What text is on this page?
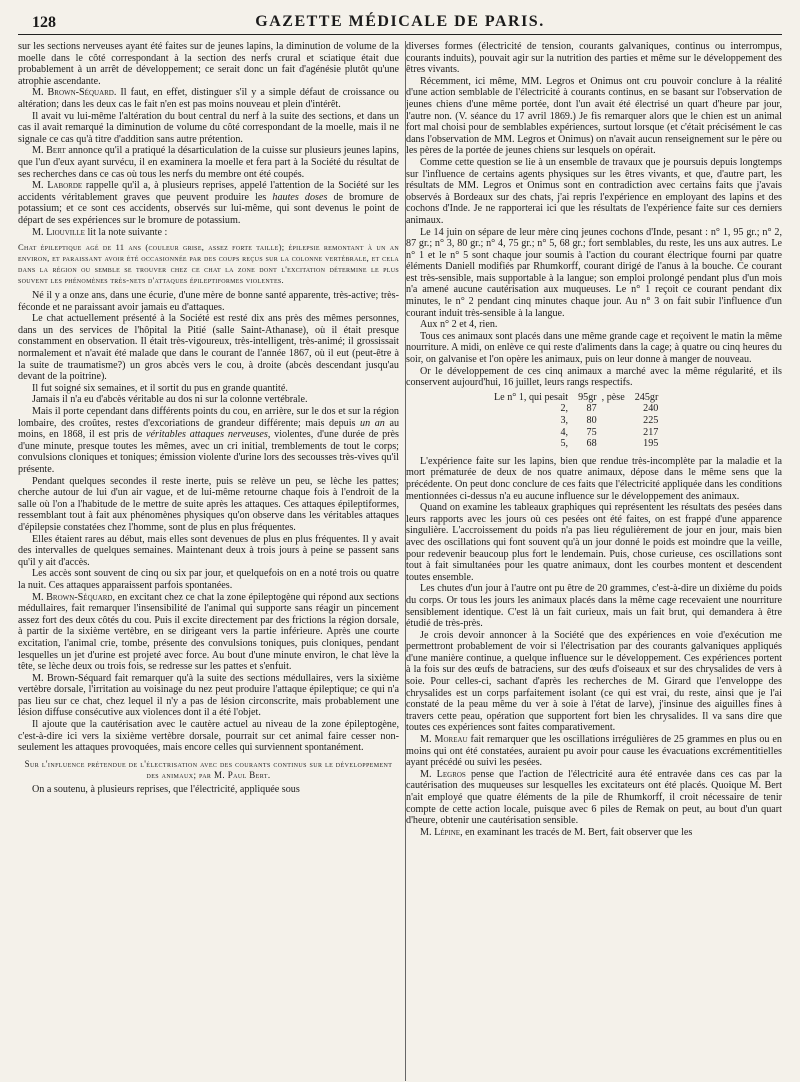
128	GAZETTE MÉDICALE DE PARIS.

sur les sections nerveuses ayant été faites sur de jeunes lapins, la diminution de volume de la moelle dans le côté correspondant à la section des nerfs crural et sciatique était due probablement à un arrêt de développement; ce serait donc un fait d'agénésie plutôt qu'une atrophie ascendante.

M. Brown-Séquard. Il faut, en effet, distinguer s'il y a simple défaut de croissance ou altération; dans les deux cas le fait n'en est pas moins nouveau et plein d'intérêt.

Il avait vu lui-même l'altération du bout central du nerf à la suite des sections, et dans un cas il avait remarqué la diminution de volume du côté correspondant de la moelle, mais il ne signale ce cas qu'à titre d'addition sans autre prétention.

M. Bert annonce qu'il a pratiqué la désarticulation de la cuisse sur plusieurs jeunes lapins, que l'un d'eux ayant survécu, il en examinera la moelle et fera part à la Société du résultat de ses recherches dans ce cas où tous les nerfs du membre ont été coupés.

M. Laborde rappelle qu'il a, à plusieurs reprises, appelé l'attention de la Société sur les accidents véritablement graves que peuvent produire les hautes doses de bromure de potassium; et ce sont ces accidents, observés sur lui-même, qui sont devenus le point de départ de ses expériences sur le bromure de potassium.

M. Liouville lit la note suivante :

Chat épileptique agé de 11 ans (couleur grise, assez forte taille); épilepsie remontant à un an environ, et paraissant avoir été occasionnée par des coups reçus sur la colonne vertébrale, et cela dans la région ou semble se trouver chez ce chat la zone dont l'excitation détermine le plus souvent les phénomènes très-nets d'attaques épileptiformes violentes.

Né il y a onze ans, dans une écurie, d'une mère de bonne santé apparente, très-active; très-féconde et ne paraissant avoir jamais eu d'attaques.

Le chat actuellement présenté à la Société est resté dix ans près des mêmes personnes, dans un des services de l'hôpital la Pitié (salle Saint-Athanase), où il était presque constamment en observation. Il était très-vigoureux, très-intelligent, très-animé; il grossissait normalement et n'avait été malade que dans le courant de l'année 1867, où il eut (peut-être à la suite de traumatisme?) un gros abcès vers le cou, à droite (abcès descendant jusqu'au devant de la poitrine).

Il fut soigné six semaines, et il sortit du pus en grande quantité.

Jamais il n'a eu d'abcès véritable au dos ni sur la colonne vertébrale.

Mais il porte cependant dans différents points du cou, en arrière, sur le dos et sur la région lombaire, des croûtes, restes d'excoriations de grandeur différente; mais depuis un an au moins, en 1868, il est pris de véritables attaques nerveuses, violentes, d'une durée de près d'une minute, presque toutes les mêmes, avec un cri initial, tremblements de tout le corps; convulsions cloniques et toniques; émission violente d'urine lors des secousses très-vives qu'il présente.

Pendant quelques secondes il reste inerte, puis se relève un peu, se lèche les pattes; cherche autour de lui d'un air vague, et de lui-même retourne chaque fois à l'endroit de la salle où l'on a l'habitude de le mettre de suite après les attaques. Ces attaques épileptiformes, ressemblant tout à fait aux phénomènes physiques qu'on observe dans les véritables attaques d'épilepsie constatées chez l'homme, sont de plus en plus fréquentes.

Elles étaient rares au début, mais elles sont devenues de plus en plus fréquentes. Il y avait des intervalles de quelques semaines. Maintenant deux à trois jours à peine se passent sans qu'il y ait d'accès.

Les accès sont souvent de cinq ou six par jour, et quelquefois on en a noté trois ou quatre la nuit. Ces attaques apparaissent parfois spontanées.

M. Brown-Séquard, en excitant chez ce chat la zone épileptogène qui répond aux sections médullaires, fait remarquer l'insensibilité de l'animal qui supporte sans réagir un pincement assez fort des deux côtés du cou. Puis il excite directement par des frictions la région dorsale, à partir de la sixième vertèbre, en se dirigeant vers la partie inférieure. Après une courte excitation, l'animal crie, tombe, présente des convulsions toniques, puis cloniques, pendant lesquelles un jet d'urine est projeté avec force. Au bout d'une minute environ, le chat lève la tête, se lèche deux ou trois fois, se redresse sur les pattes et s'enfuit.

M. Brown-Séquard fait remarquer qu'à la suite des sections médullaires, vers la sixième vertèbre dorsale, l'irritation au voisinage du nez peut produire l'attaque épileptique; ce qui n'a pas lieu sur ce chat, chez lequel il n'y a pas de lésion circonscrite, mais probablement une lésion diffuse consécutive aux violences dont il a été l'objet.

Il ajoute que la cautérisation avec le cautère actuel au niveau de la zone épileptogène, c'est-à-dire ici vers la sixième vertèbre dorsale, pourrait sur cet animal faire cesser non-seulement les attaques provoquées, mais encore celles qui surviennent spontanément.

Sur l'influence prétendue de l'électrisation avec des courants continus sur le développement des animaux; par M. Paul Bert.

On a soutenu, à plusieurs reprises, que l'électricité, appliquée sous

diverses formes (électricité de tension, courants galvaniques, continus ou interrompus, courants induits), pouvait agir sur la nutrition des parties et même sur le développement des êtres vivants.

Récemment, ici même, MM. Legros et Onimus ont cru pouvoir conclure à la réalité d'une action semblable de l'électricité à courants continus, en se basant sur l'observation de jeunes chiens d'une même portée, dont l'un avait été électrisé un quart d'heure par jour, l'autre non. (V. séance du 17 avril 1869.) Je fis remarquer alors que le chien est un animal fort mal choisi pour de semblables expériences, surtout lorsque (et c'était précisément le cas dans l'observation de MM. Legros et Onimus) on n'avait aucun renseignement sur le père ou les pères de la portée de jeunes chiens sur lesquels on opérait.

Comme cette question se lie à un ensemble de travaux que je poursuis depuis longtemps sur l'influence de certains agents physiques sur les êtres vivants, et que, d'autre part, les résultats de MM. Legros et Onimus sont en contradiction avec certains faits que j'avais observés à Bordeaux sur des chats, j'ai repris l'expérience en employant des lapins et des cochons d'Inde. Je ne rapporterai ici que les résultats de l'expérience faite sur ces derniers animaux.

Le 14 juin on sépare de leur mère cinq jeunes cochons d'Inde, pesant : n° 1, 95 gr.; n° 2, 87 gr.; n° 3, 80 gr.; n° 4, 75 gr.; n° 5, 68 gr.; fort semblables, du reste, les uns aux autres. Le n° 1 et le n° 5 sont chaque jour soumis à l'action du courant électrique fourni par quatre éléments Daniell modifiés par Rhumkorff, courant dirigé de l'anus à la bouche. Ce courant est très-sensible, mais supportable à la langue; son emploi prolongé pendant plus d'un mois n'a amené aucune cautérisation aux muqueuses. Le n° 1 reçoit ce courant pendant dix minutes, le n° 2 pendant cinq minutes chaque jour. Au n° 3 on fait subir l'influence d'un courant induit très-sensible à la langue.

Aux n° 2 et 4, rien.

Tous ces animaux sont placés dans une même grande cage et reçoivent le matin la même nourriture. A midi, on enlève ce qui reste d'aliments dans la cage; à quatre ou cinq heures du soir, on galvanise et l'on opère les animaux, puis on leur donne à manger de nouveau.

Or le développement de ces cinq animaux a marché avec la même régularité, et ils conservent aujourd'hui, 16 juillet, leurs rangs respectifs.

Le n° 1, qui pesait	95gr	, pèse	245gr
2,	87		240
3,	80		225
4,	75		217
5,	68		195

L'expérience faite sur les lapins, bien que rendue très-incomplète par la maladie et la mort prématurée de deux de nos quatre animaux, dépose dans le même sens que la précédente. On peut donc conclure de ces faits que l'électricité appliquée dans les conditions mentionnées ci-dessus n'a eu aucune influence sur le développement des animaux.

Quand on examine les tableaux graphiques qui représentent les résultats des pesées dans leurs rapports avec les jours où ces pesées ont été faites, on est frappé d'une apparence singulière. L'accroissement du poids n'a pas lieu régulièrement de jour en jour, mais bien avec des oscillations qui font souvent qu'à un jour donné le poids est moindre que la veille, pour redevenir beaucoup plus fort le lendemain. Puis, chose curieuse, ces oscillations sont tout à fait simultanées pour les quatre animaux, dont les courbes montent et descendent toutes ensemble.

Les chutes d'un jour à l'autre ont pu être de 20 grammes, c'est-à-dire un dixième du poids du corps. Or tous les jours les animaux placés dans la même cage recevaient une nourriture sensiblement identique. C'est là un fait curieux, mais un fait brut, qui demandera à être étudié de très-près.

Je crois devoir annoncer à la Société que des expériences en voie d'exécution me permettront probablement de voir si l'électrisation par des courants galvaniques appliqués d'une manière continue, a quelque influence sur le développement. Ces expériences portent à la fois sur des œufs de batraciens, sur des œufs d'oiseaux et sur des chrysalides de vers à soie. Pour celles-ci, sachant d'après les recherches de M. Girard que l'enveloppe des chrysalides est un corps parfaitement isolant (ce qui est vrai, du reste, ainsi que je l'ai constaté de la peau même du ver à soie à l'état de larve), j'insinue des aiguilles fines à travers cette peau, opération que supportent fort bien les chrysalides. Il va sans dire que toutes ces expériences sont faites comparativement.

M. Moreau fait remarquer que les oscillations irrégulières de 25 grammes en plus ou en moins qui ont été constatées, auraient pu avoir pour cause les évacuations excrémentitielles ayant précédé ou suivi les pesées.

M. Legros pense que l'action de l'électricité aura été entravée dans ces cas par la cautérisation des muqueuses sur lesquelles les excitateurs ont été placés. Quoique M. Bert n'ait employé que quatre éléments de la pile de Rhumkorff, il croit nécessaire de tenir compte de cette action locale, puisque avec 6 piles de Remak on peut, au bout d'un quart d'heure, obtenir une cautérisation sensible.

M. Lépine, en examinant les tracés de M. Bert, fait observer que les
